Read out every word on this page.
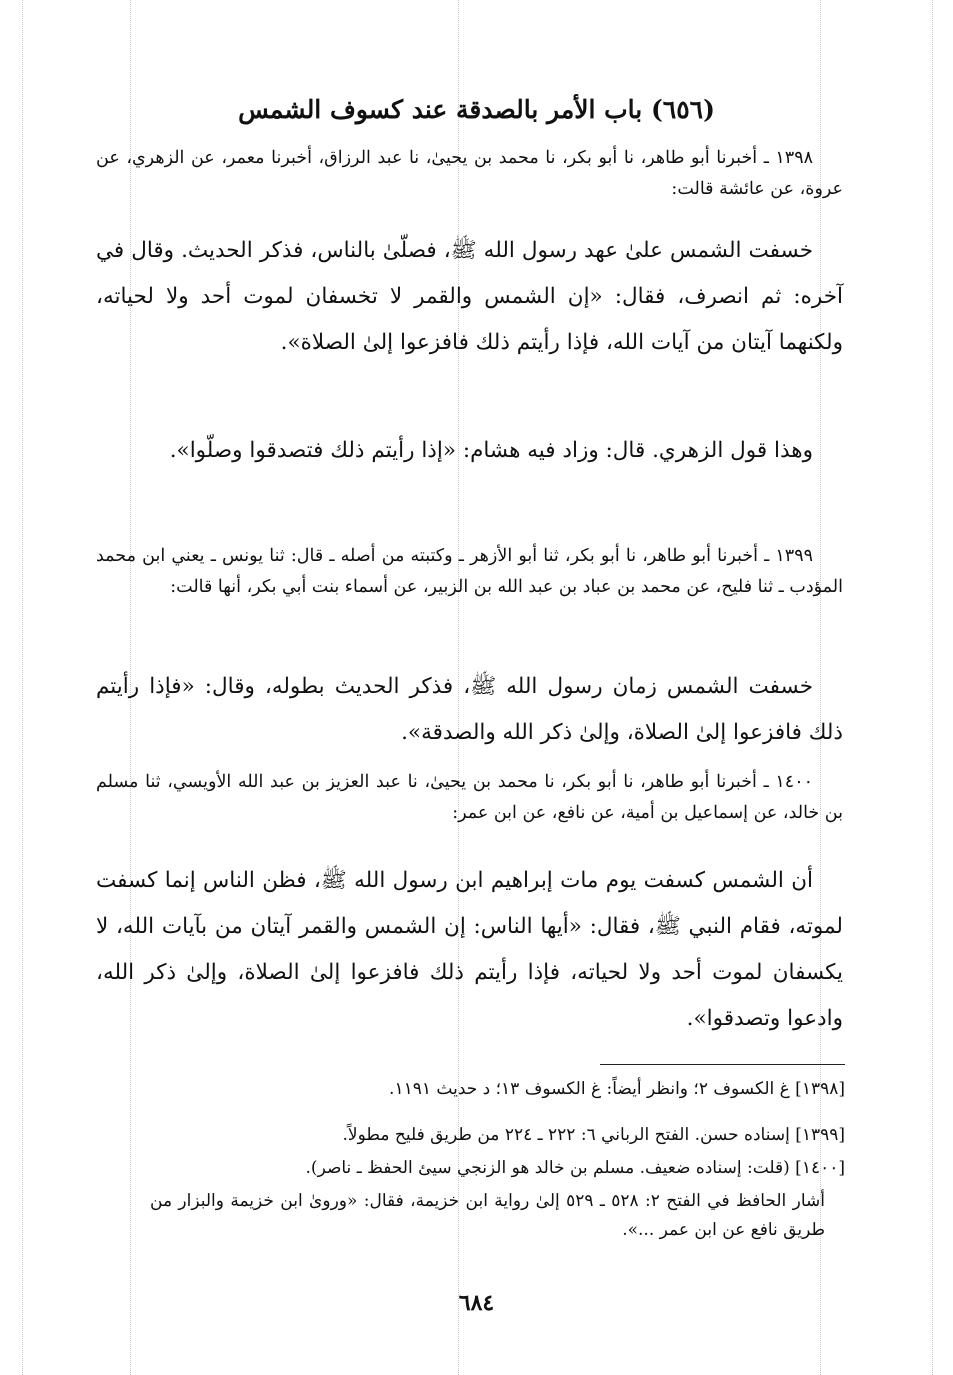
(٦٥٦) باب الأمر بالصدقة عند كسوف الشمس
١٣٩٨ ـ أخبرنا أبو طاهر، نا أبو بكر، نا محمد بن يحيىٰ، نا عبد الرزاق، أخبرنا معمر، عن الزهري، عن عروة، عن عائشة قالت:
خسفت الشمس علىٰ عهد رسول الله ﷺ، فصلّىٰ بالناس، فذكر الحديث. وقال في آخره: ثم انصرف، فقال: «إن الشمس والقمر لا تخسفان لموت أحد ولا لحياته، ولكنهما آيتان من آيات الله، فإذا رأيتم ذلك فافزعوا إلىٰ الصلاة».
وهذا قول الزهري. قال: وزاد فيه هشام: «إذا رأيتم ذلك فتصدقوا وصلّوا».
١٣٩٩ ـ أخبرنا أبو طاهر، نا أبو بكر، ثنا أبو الأزهر ـ وكتبته من أصله ـ قال: ثنا يونس ـ يعني ابن محمد المؤدب ـ ثنا فليح، عن محمد بن عباد بن عبد الله بن الزبير، عن أسماء بنت أبي بكر، أنها قالت:
خسفت الشمس زمان رسول الله ﷺ، فذكر الحديث بطوله، وقال: «فإذا رأيتم ذلك فافزعوا إلىٰ الصلاة، وإلىٰ ذكر الله والصدقة».
١٤٠٠ ـ أخبرنا أبو طاهر، نا أبو بكر، نا محمد بن يحيىٰ، نا عبد العزيز بن عبد الله الأويسي، ثنا مسلم بن خالد، عن إسماعيل بن أمية، عن نافع، عن ابن عمر:
أن الشمس كسفت يوم مات إبراهيم ابن رسول الله ﷺ، فظن الناس إنما كسفت لموته، فقام النبي ﷺ، فقال: «أيها الناس: إن الشمس والقمر آيتان من بآيات الله، لا يكسفان لموت أحد ولا لحياته، فإذا رأيتم ذلك فافزعوا إلىٰ الصلاة، وإلىٰ ذكر الله، وادعوا وتصدقوا».
[١٣٩٨] غ الكسوف ٢؛ وانظر أيضاً: غ الكسوف ١٣؛ د حديث ١١٩١.
[١٣٩٩] إسناده حسن. الفتح الرباني ٦: ٢٢٢ ـ ٢٢٤ من طريق فليح مطولاً.
[١٤٠٠] (قلت: إسناده ضعيف. مسلم بن خالد هو الزنجي سيئ الحفظ ـ ناصر).
أشار الحافظ في الفتح ٢: ٥٢٨ ـ ٥٢٩ إلىٰ رواية ابن خزيمة، فقال: «وروىٰ ابن خزيمة والبزار من طريق نافع عن ابن عمر ...».
٦٨٤
